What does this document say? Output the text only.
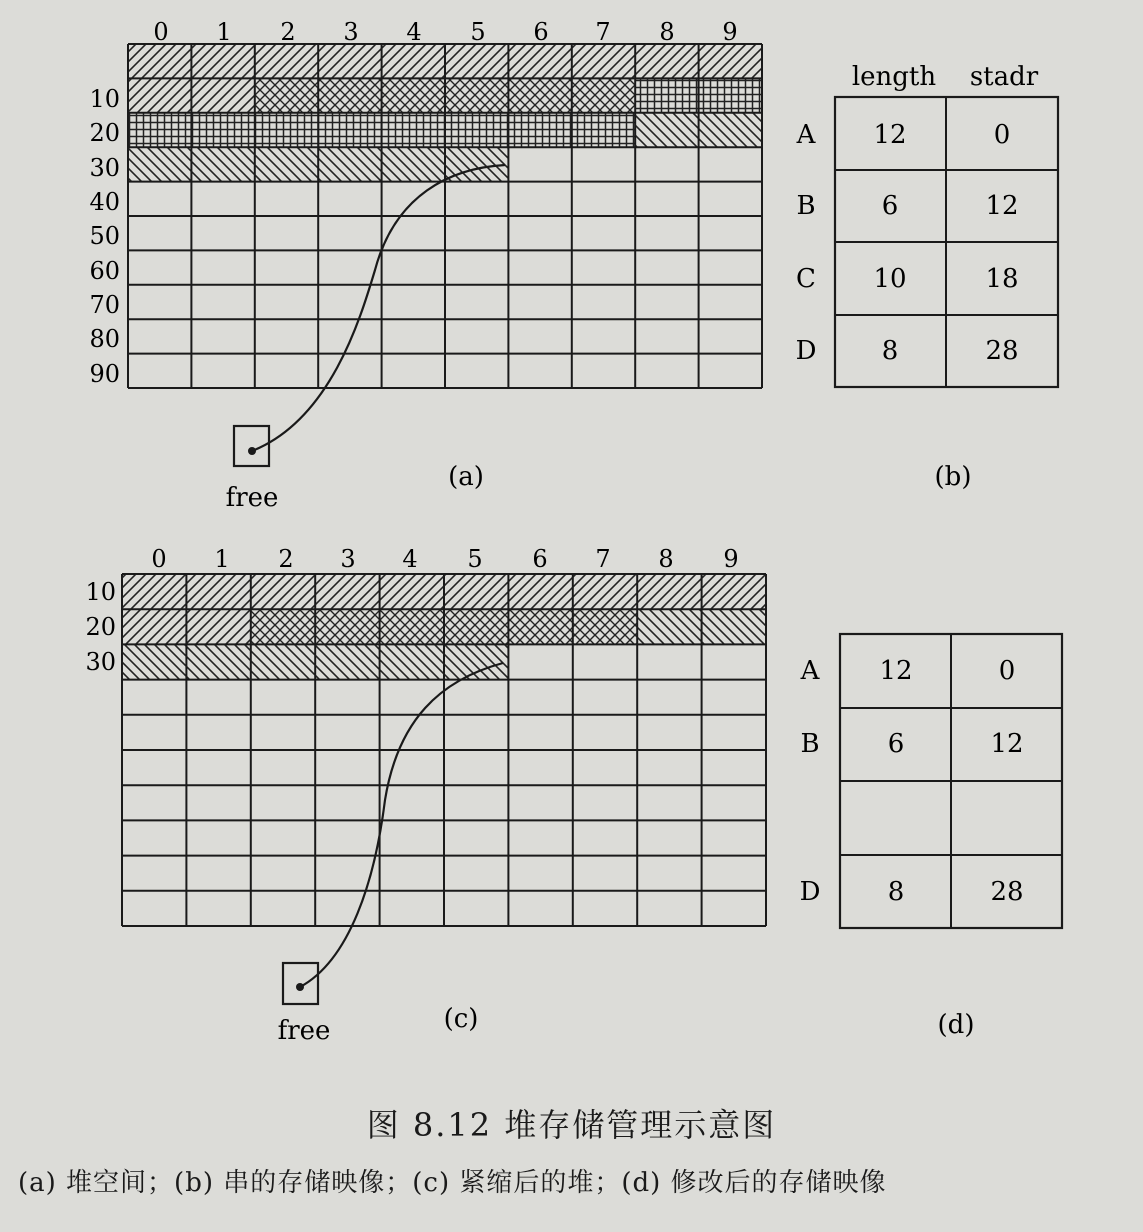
0 1 2 3 4 5 6 7 8 9
10
20
30
40
50
60
70
80
90
free
(a)
length stadr
A 12	0
B	6	12
C 10	18
D	8	28
(b)
0 1 2 3 4 5 6 7 8 9
10
20
30
free	(c)
A 12	0
B	6	12
D	8	28
(d)
图 8.12 堆存储管理示意图
(a) 堆空间；(b) 串的存储映像；(c) 紧缩后的堆；(d) 修改后的存储映像
